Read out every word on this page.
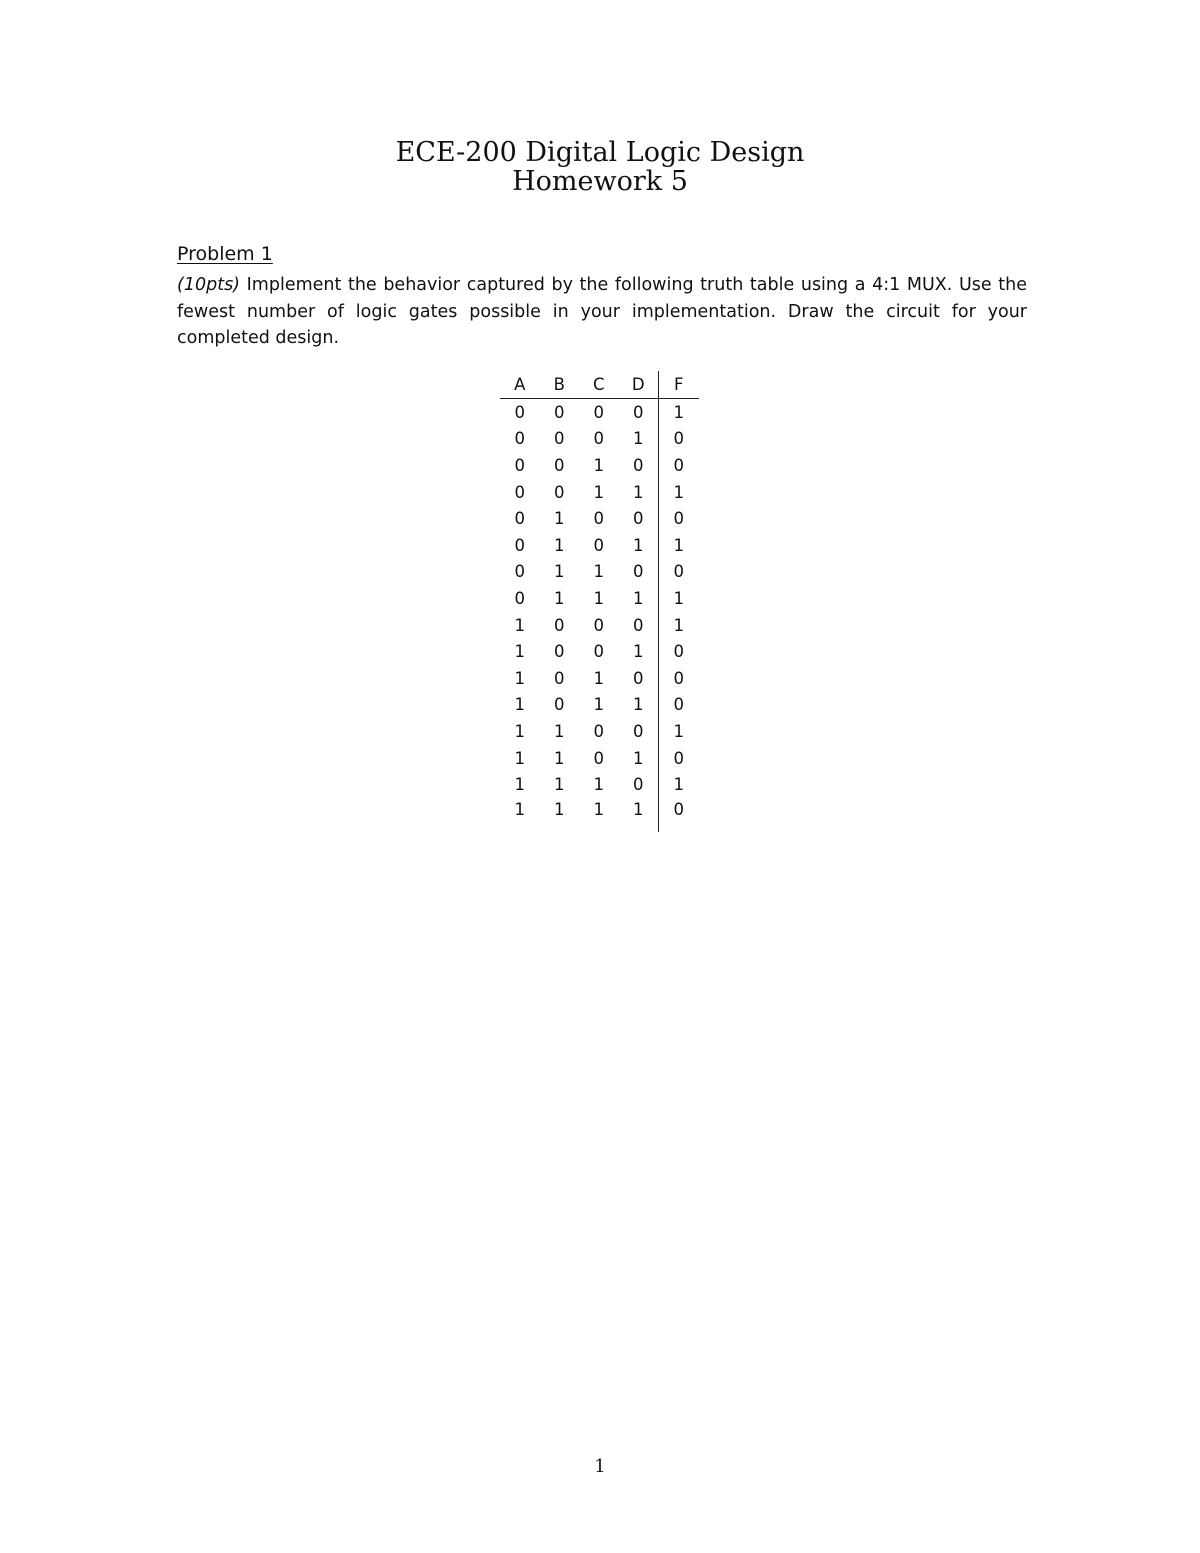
ECE-200 Digital Logic Design
Homework 5
Problem 1
(10pts) Implement the behavior captured by the following truth table using a 4:1 MUX. Use the fewest number of logic gates possible in your implementation. Draw the circuit for your completed design.
A	B	C	D	F
0	0	0	0	1
0	0	0	1	0
0	0	1	0	0
0	0	1	1	1
0	1	0	0	0
0	1	0	1	1
0	1	1	0	0
0	1	1	1	1
1	0	0	0	1
1	0	0	1	0
1	0	1	0	0
1	0	1	1	0
1	1	0	0	1
1	1	0	1	0
1	1	1	0	1
1	1	1	1	0
1
